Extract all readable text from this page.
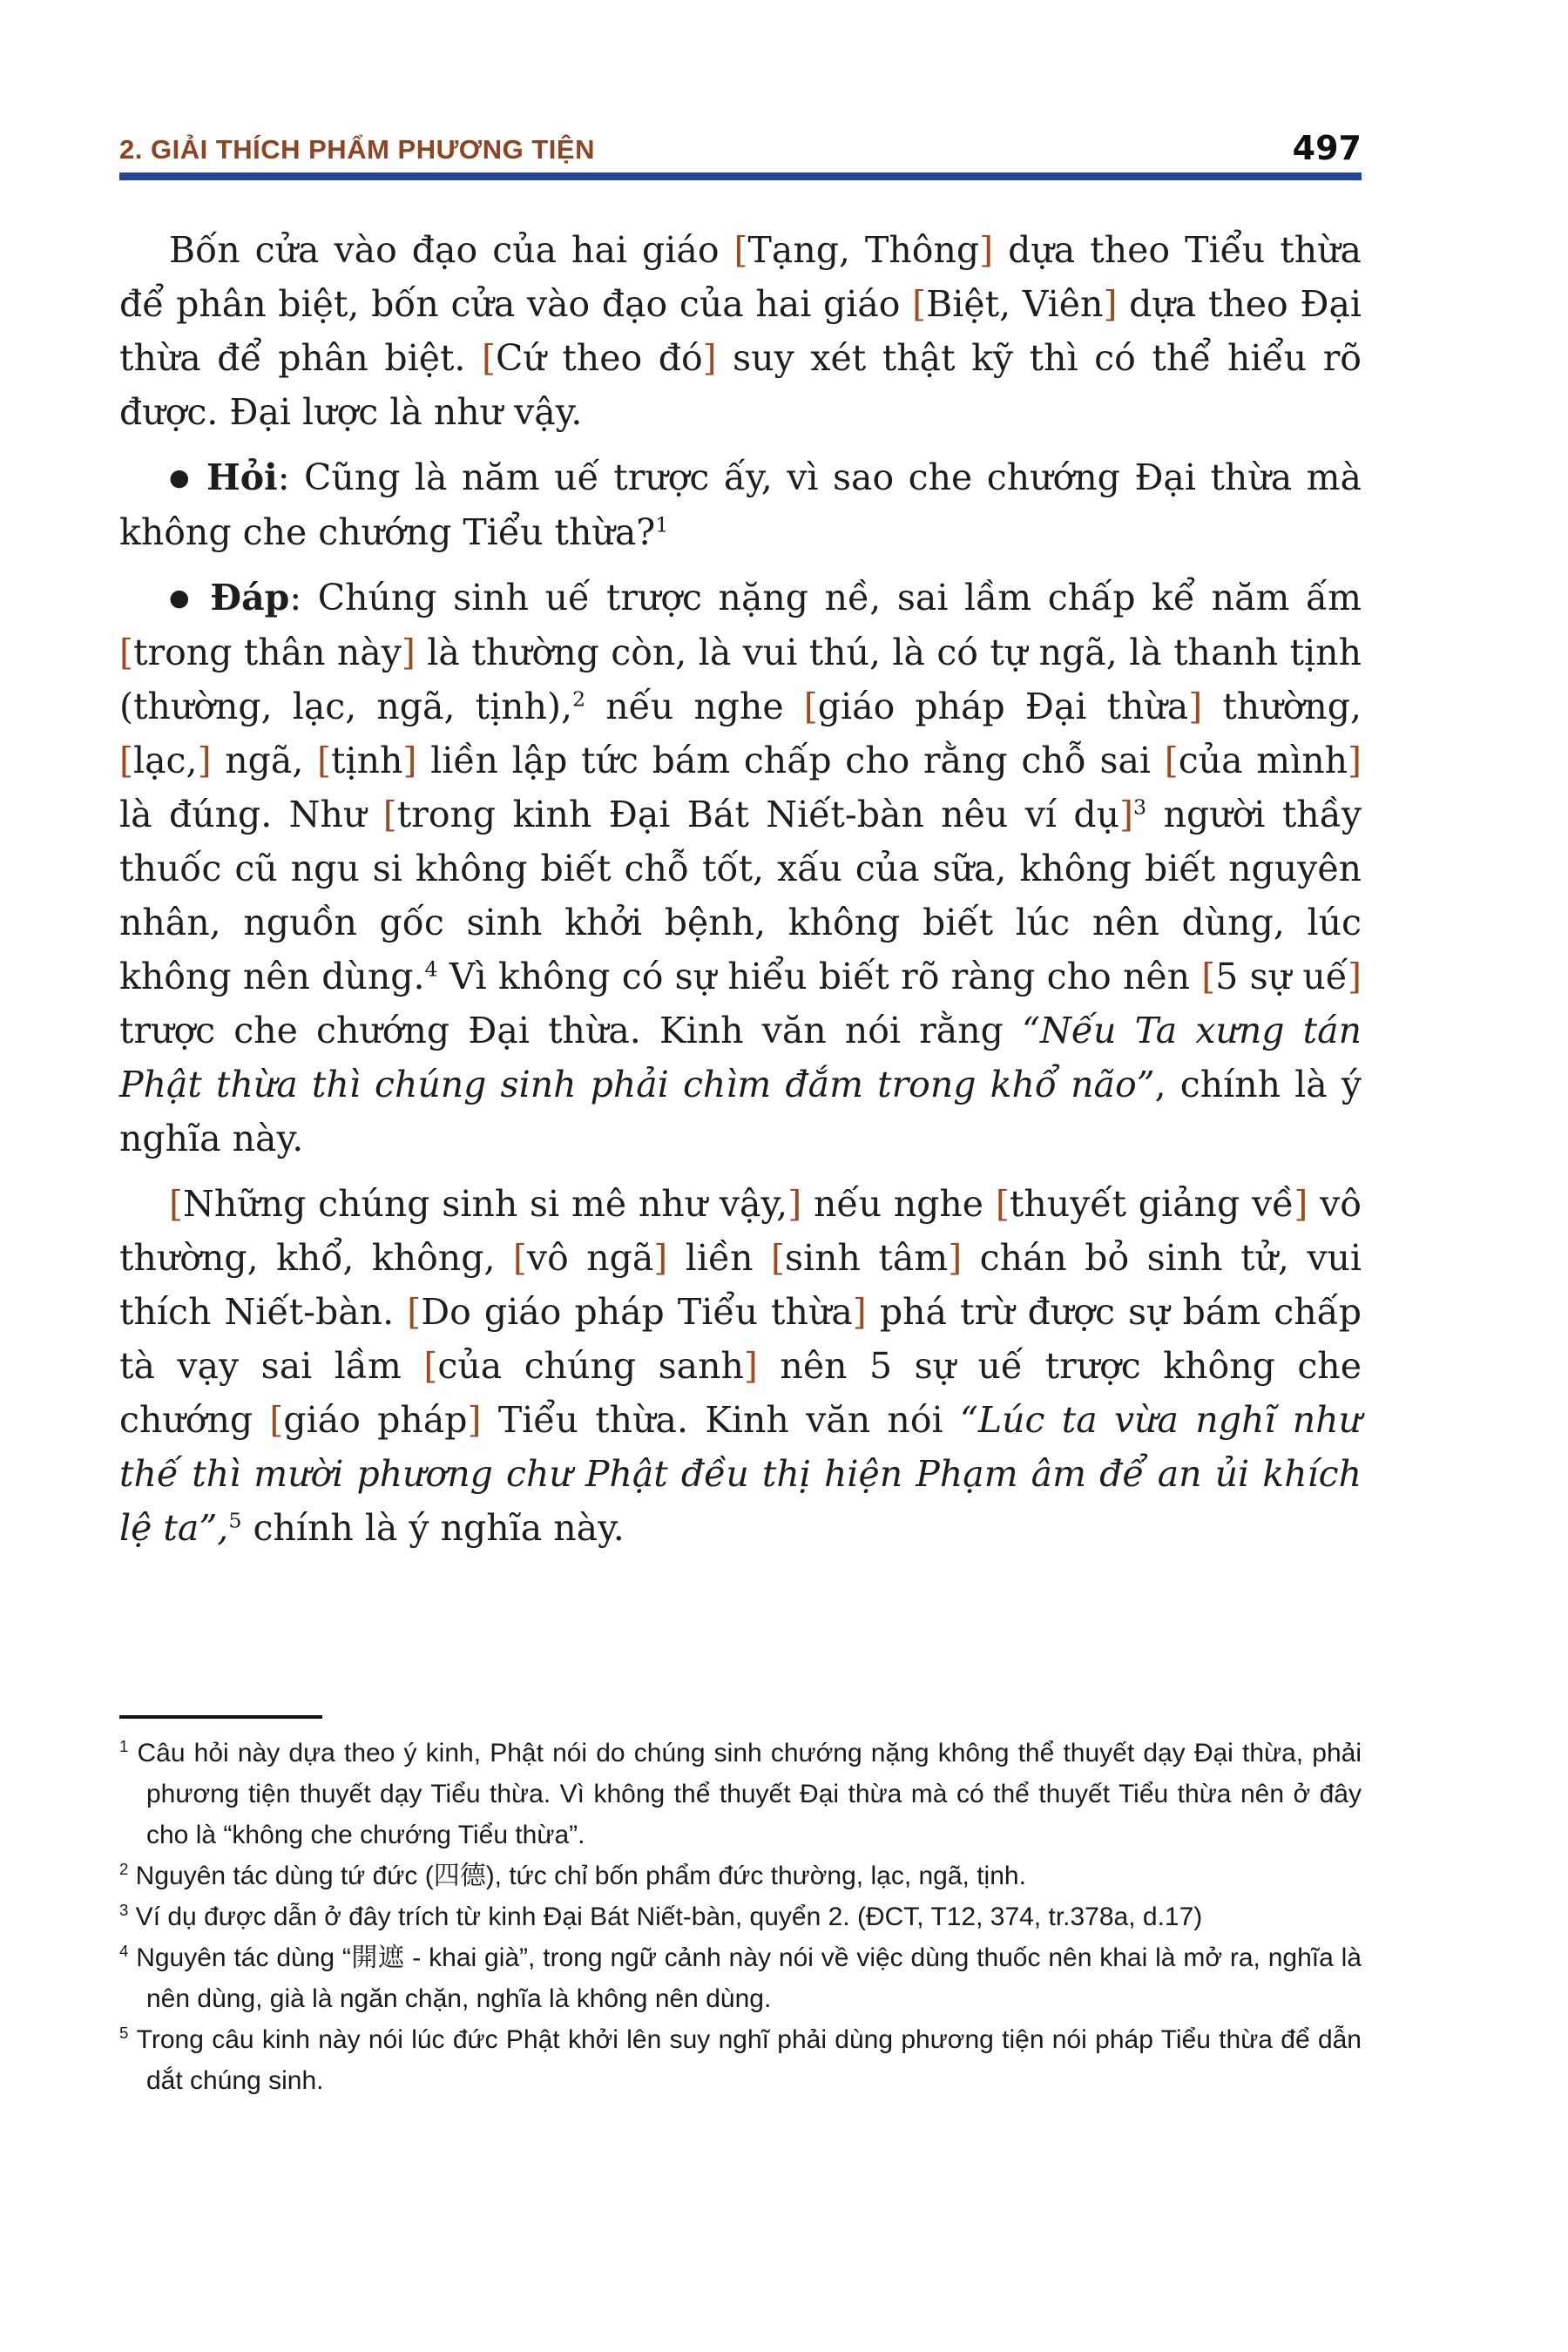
2. GIẢI THÍCH PHẨM PHƯƠNG TIỆN	497

Bốn cửa vào đạo của hai giáo [Tạng, Thông] dựa theo Tiểu thừa để phân biệt, bốn cửa vào đạo của hai giáo [Biệt, Viên] dựa theo Đại thừa để phân biệt. [Cứ theo đó] suy xét thật kỹ thì có thể hiểu rõ được. Đại lược là như vậy.

● Hỏi: Cũng là năm uế trược ấy, vì sao che chướng Đại thừa mà không che chướng Tiểu thừa?$^1$

● Đáp: Chúng sinh uế trược nặng nề, sai lầm chấp kể năm ấm [trong thân này] là thường còn, là vui thú, là có tự ngã, là thanh tịnh (thường, lạc, ngã, tịnh),$^2$ nếu nghe [giáo pháp Đại thừa] thường, [lạc,] ngã, [tịnh] liền lập tức bám chấp cho rằng chỗ sai [của mình] là đúng. Như [trong kinh Đại Bát Niết-bàn nêu ví dụ]$^3$ người thầy thuốc cũ ngu si không biết chỗ tốt, xấu của sữa, không biết nguyên nhân, nguồn gốc sinh khởi bệnh, không biết lúc nên dùng, lúc không nên dùng.$^4$ Vì không có sự hiểu biết rõ ràng cho nên [5 sự uế] trược che chướng Đại thừa. Kinh văn nói rằng “Nếu Ta xưng tán Phật thừa thì chúng sinh phải chìm đắm trong khổ não”, chính là ý nghĩa này.

[Những chúng sinh si mê như vậy,] nếu nghe [thuyết giảng về] vô thường, khổ, không, [vô ngã] liền [sinh tâm] chán bỏ sinh tử, vui thích Niết-bàn. [Do giáo pháp Tiểu thừa] phá trừ được sự bám chấp tà vạy sai lầm [của chúng sanh] nên 5 sự uế trược không che chướng [giáo pháp] Tiểu thừa. Kinh văn nói “Lúc ta vừa nghĩ như thế thì mười phương chư Phật đều thị hiện Phạm âm để an ủi khích lệ ta”,$^5$ chính là ý nghĩa này.

$^1$ Câu hỏi này dựa theo ý kinh, Phật nói do chúng sinh chướng nặng không thể thuyết dạy Đại thừa, phải phương tiện thuyết dạy Tiểu thừa. Vì không thể thuyết Đại thừa mà có thể thuyết Tiểu thừa nên ở đây cho là “không che chướng Tiểu thừa”.
$^2$ Nguyên tác dùng tứ đức (四德), tức chỉ bốn phẩm đức thường, lạc, ngã, tịnh.
$^3$ Ví dụ được dẫn ở đây trích từ kinh Đại Bát Niết-bàn, quyển 2. (ĐCT, T12, 374, tr.378a, d.17)
$^4$ Nguyên tác dùng “開遮 - khai già”, trong ngữ cảnh này nói về việc dùng thuốc nên khai là mở ra, nghĩa là nên dùng, già là ngăn chặn, nghĩa là không nên dùng.
$^5$ Trong câu kinh này nói lúc đức Phật khởi lên suy nghĩ phải dùng phương tiện nói pháp Tiểu thừa để dẫn dắt chúng sinh.
